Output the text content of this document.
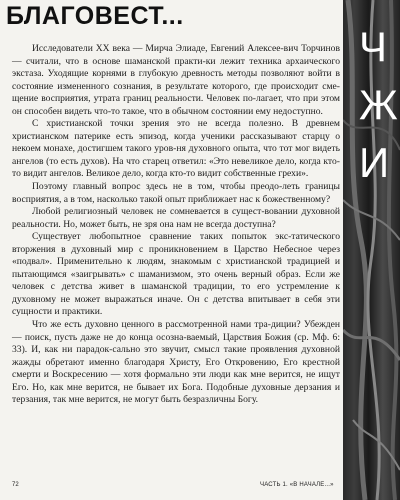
БЛАГОВЕСТ...

Исследователи XX века — Мирча Элиаде, Евгений Алексее-вич Торчинов — считали, что в основе шаманской практи-ки лежит техника архаического экстаза. Уходящие корнями в глубокую древность методы позволяют войти в состояние измененного сознания, в результате которого, где происходит сме-щение восприятия, утрата границ реальности. Человек по-лагает, что при этом он способен видеть что-то такое, что в обычном состоянии ему недоступно.

С христианской точки зрения это не всегда полезно. В древнем христианском патерике есть эпизод, когда ученики рассказывают старцу о некоем монахе, достигшем такого уров-ня духовного опыта, что тот мог видеть ангелов (то есть духов). На что старец ответил: «Это невеликое дело, когда кто-то видит ангелов. Великое дело, когда кто-то видит собственные грехи».

Поэтому главный вопрос здесь не в том, чтобы преодо-леть границы восприятия, а в том, насколько такой опыт приближает нас к божественному?

Любой религиозный человек не сомневается в сущест-вовании духовной реальности. Но, может быть, не зря она нам не всегда доступна?

Существует любопытное сравнение таких попыток экс-татического вторжения в духовный мир с проникновением в Царство Небесное через «подвал». Применительно к людям, знакомым с христианской традицией и пытающимся «заигрывать» с шаманизмом, это очень верный образ. Если же человек с детства живет в шаманской традиции, то его устремление к духовному не может выражаться иначе. Он с детства впитывает в себя эти сущности и практики.

Что же есть духовно ценного в рассмотренной нами тра-диции? Убежден — поиск, пусть даже не до конца осозна-ваемый, Царствия Божия (ср. Мф. 6: 33). И, как ни парадок-сально это звучит, смысл такие проявления духовной жажды обретают именно благодаря Христу, Его Откровению, Его крестной смерти и Воскресению — хотя формально эти люди как мне верится, не ищут Его. Но, как мне верится, не бывает их Бога. Подобные духовные дерзания и терзания, так мне верится, не могут быть безразличны Богу.

Ч
Ж
И
72	ЧАСТЬ 1. «В НАЧАЛЕ...»
